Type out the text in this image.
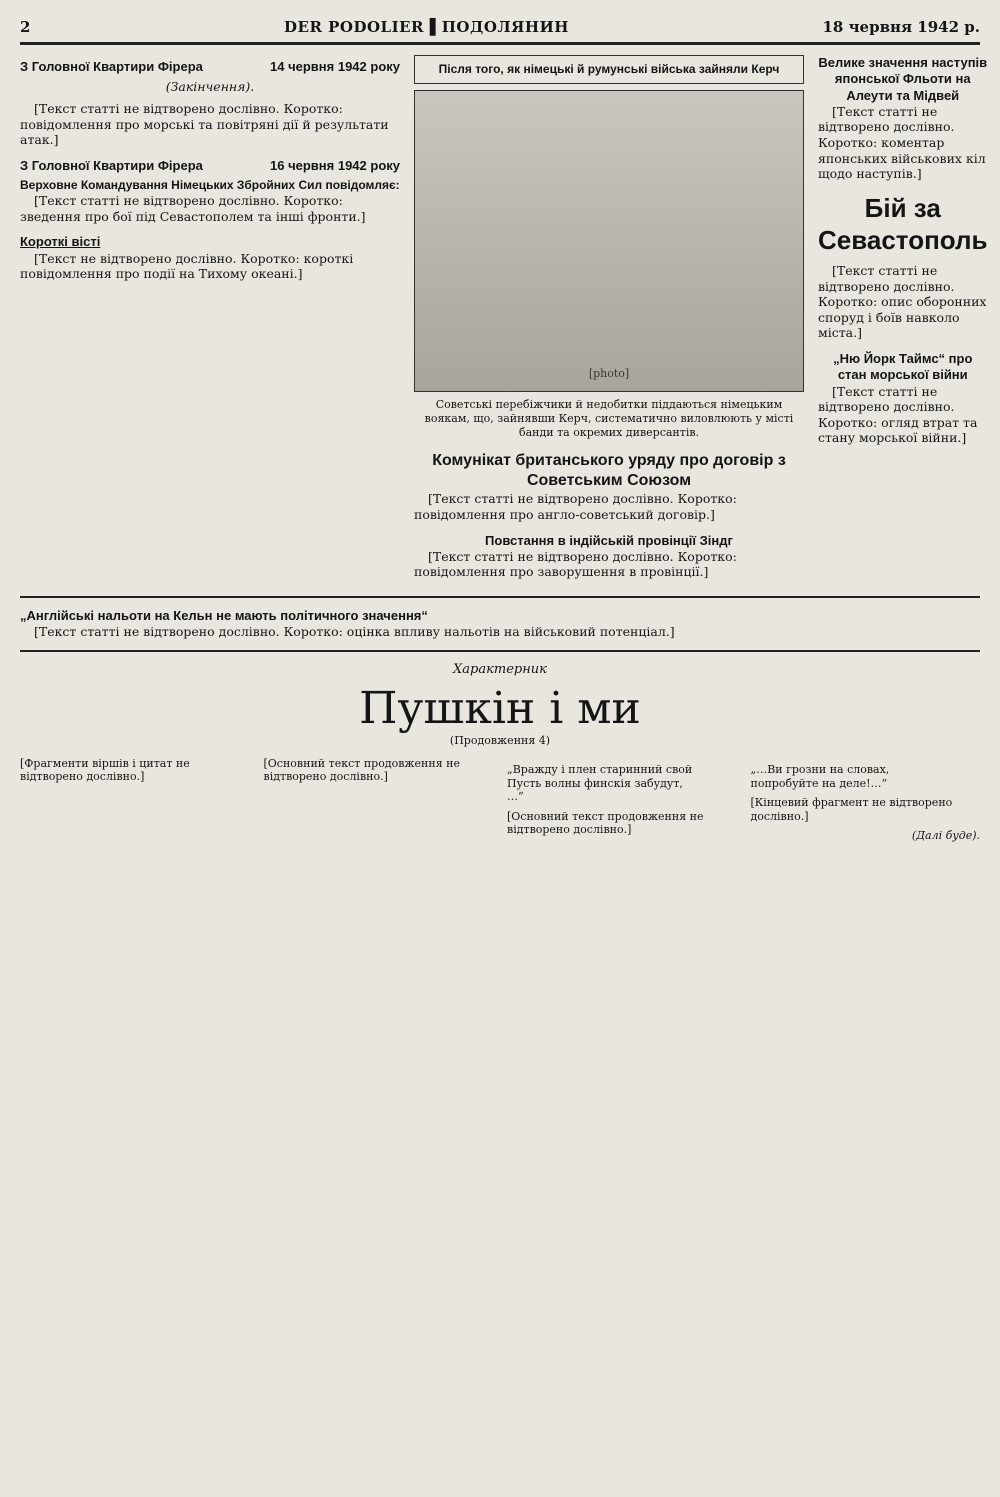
2	DER PODOLIER ▌ПОДОЛЯНИН	18 червня 1942 р.
З Головної Квартири Фірера	14 червня 1942 року
(Закінчення).

[Текст статті не відтворено дослівно. Коротко: повідомлення про морські та повітряні дії й результати атак.]

З Головної Квартири Фірера	16 червня 1942 року
Верховне Командування Німецьких Збройних Сил повідомляє:

[Текст статті не відтворено дослівно. Коротко: зведення про бої під Севастополем та інші фронти.]

Короткі вісті

[Текст не відтворено дослівно. Коротко: короткі повідомлення про події на Тихому океані.]

Після того, як німецькі й румунські війська зайняли Керч
[photo]
Советські перебіжчики й недобитки піддаються німецьким воякам, що, зайнявши Керч, систематично виловлюють у місті банди та окремих диверсантів.
Комунікат британського уряду про договір з Советським Союзом

[Текст статті не відтворено дослівно. Коротко: повідомлення про англо-советський договір.]

Повстання в індійській провінції Зіндг

[Текст статті не відтворено дослівно. Коротко: повідомлення про заворушення в провінції.]

Велике значення наступів японської Фльоти на Алеути та Мідвей

[Текст статті не відтворено дослівно. Коротко: коментар японських військових кіл щодо наступів.]

Бій за Севастополь

[Текст статті не відтворено дослівно. Коротко: опис оборонних споруд і боїв навколо міста.]

„Ню Йорк Таймс“ про стан морської війни

[Текст статті не відтворено дослівно. Коротко: огляд втрат та стану морської війни.]

„Англійські нальоти на Кельн не мають політичного значення“

[Текст статті не відтворено дослівно. Коротко: оцінка впливу нальотів на військовий потенціал.]

Характерник
Пушкін і ми
(Продовження 4)
[Фрагменти віршів і цитат не відтворено дослівно.]
[Основний текст продовження не відтворено дослівно.]
„Вражду і плен старинний свой
Пусть волны финскія забудут,
…“
[Основний текст продовження не відтворено дослівно.]
„…Ви грозни на словах,
попробуйте на деле!…“
[Кінцевий фрагмент не відтворено дослівно.]
(Далі буде).
